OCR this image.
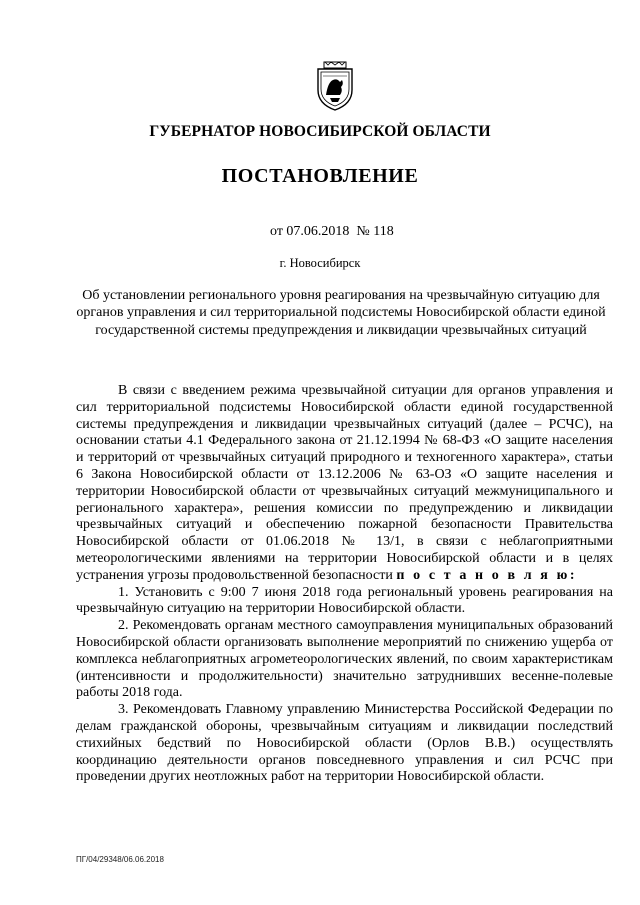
ГУБЕРНАТОР НОВОСИБИРСКОЙ ОБЛАСТИ
ПОСТАНОВЛЕНИЕ
от 07.06.2018  № 118
г. Новосибирск
Об установлении регионального уровня реагирования на чрезвычайную ситуацию для органов управления и сил территориальной подсистемы Новосибирской области единой государственной системы предупреждения и ликвидации чрезвычайных ситуаций

В связи с введением режима чрезвычайной ситуации для органов управления и сил территориальной подсистемы Новосибирской области единой государственной системы предупреждения и ликвидации чрезвычайных ситуаций (далее – РСЧС), на основании статьи 4.1 Федерального закона от 21.12.1994 № 68-ФЗ «О защите населения и территорий от чрезвычайных ситуаций природного и техногенного характера», статьи 6 Закона Новосибирской области от 13.12.2006 № 63-ОЗ «О защите населения и территории Новосибирской области от чрезвычайных ситуаций межмуниципального и регионального характера», решения комиссии по предупреждению и ликвидации чрезвычайных ситуаций и обеспечению пожарной безопасности Правительства Новосибирской области от 01.06.2018 № 13/1, в связи с неблагоприятными метеорологическими явлениями на территории Новосибирской области и в целях устранения угрозы продовольственной безопасности п о с т а н о в л я ю:

1. Установить с 9:00 7 июня 2018 года региональный уровень реагирования на чрезвычайную ситуацию на территории Новосибирской области.

2. Рекомендовать органам местного самоуправления муниципальных образований Новосибирской области организовать выполнение мероприятий по снижению ущерба от комплекса неблагоприятных агрометеорологических явлений, по своим характеристикам (интенсивности и продолжительности) значительно затруднивших весенне-полевые работы 2018 года.

3. Рекомендовать Главному управлению Министерства Российской Федерации по делам гражданской обороны, чрезвычайным ситуациям и ликвидации последствий стихийных бедствий по Новосибирской области (Орлов В.В.) осуществлять координацию деятельности органов повседневного управления и сил РСЧС при проведении других неотложных работ на территории Новосибирской области.

ПГ/04/29348/06.06.2018
